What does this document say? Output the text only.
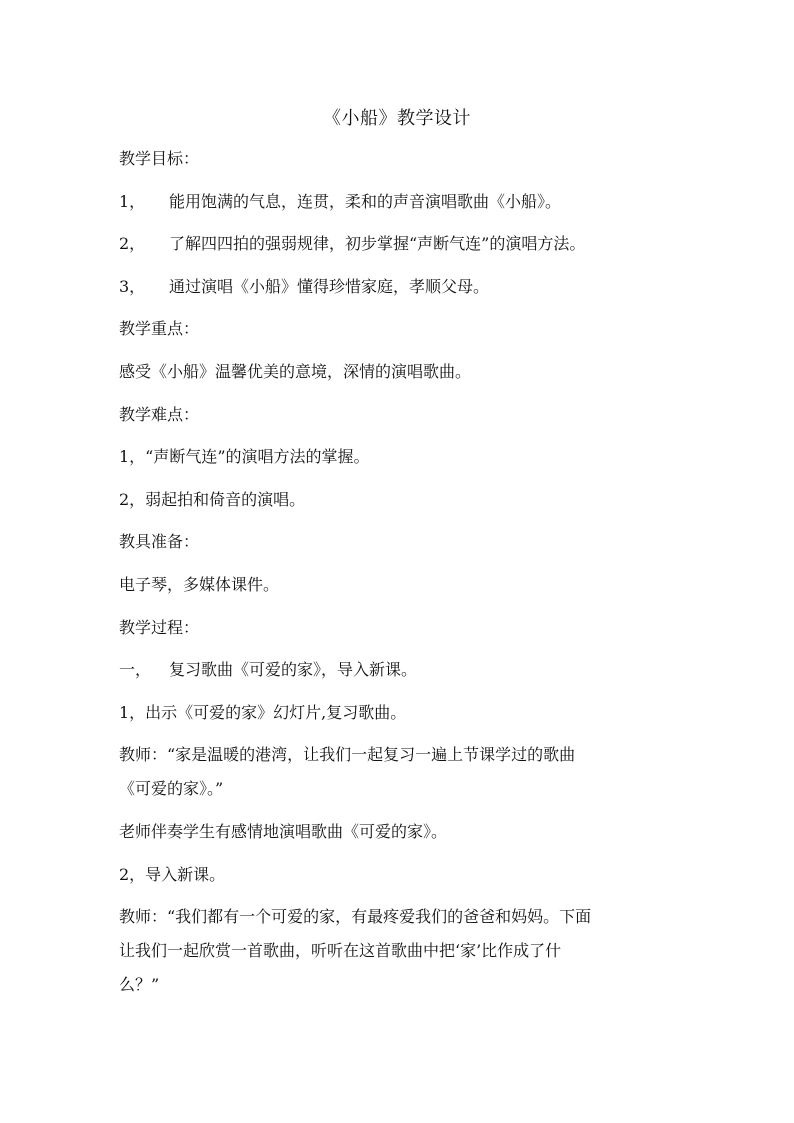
《小船》教学设计
教学目标：
1， 能用饱满的气息，连贯，柔和的声音演唱歌曲《小船》。
2， 了解四四拍的强弱规律，初步掌握“声断气连”的演唱方法。
3， 通过演唱《小船》懂得珍惜家庭，孝顺父母。
教学重点：
感受《小船》温馨优美的意境，深情的演唱歌曲。
教学难点：
1，“声断气连”的演唱方法的掌握。
2，弱起拍和倚音的演唱。
教具准备：
电子琴，多媒体课件。
教学过程：
一， 复习歌曲《可爱的家》，导入新课。
1，出示《可爱的家》幻灯片,复习歌曲。
教师：“家是温暖的港湾，让我们一起复习一遍上节课学过的歌曲
《可爱的家》。”
老师伴奏学生有感情地演唱歌曲《可爱的家》。
2，导入新课。
教师：“我们都有一个可爱的家，有最疼爱我们的爸爸和妈妈。下面
让我们一起欣赏一首歌曲，听听在这首歌曲中把‘家’比作成了什
么？”
